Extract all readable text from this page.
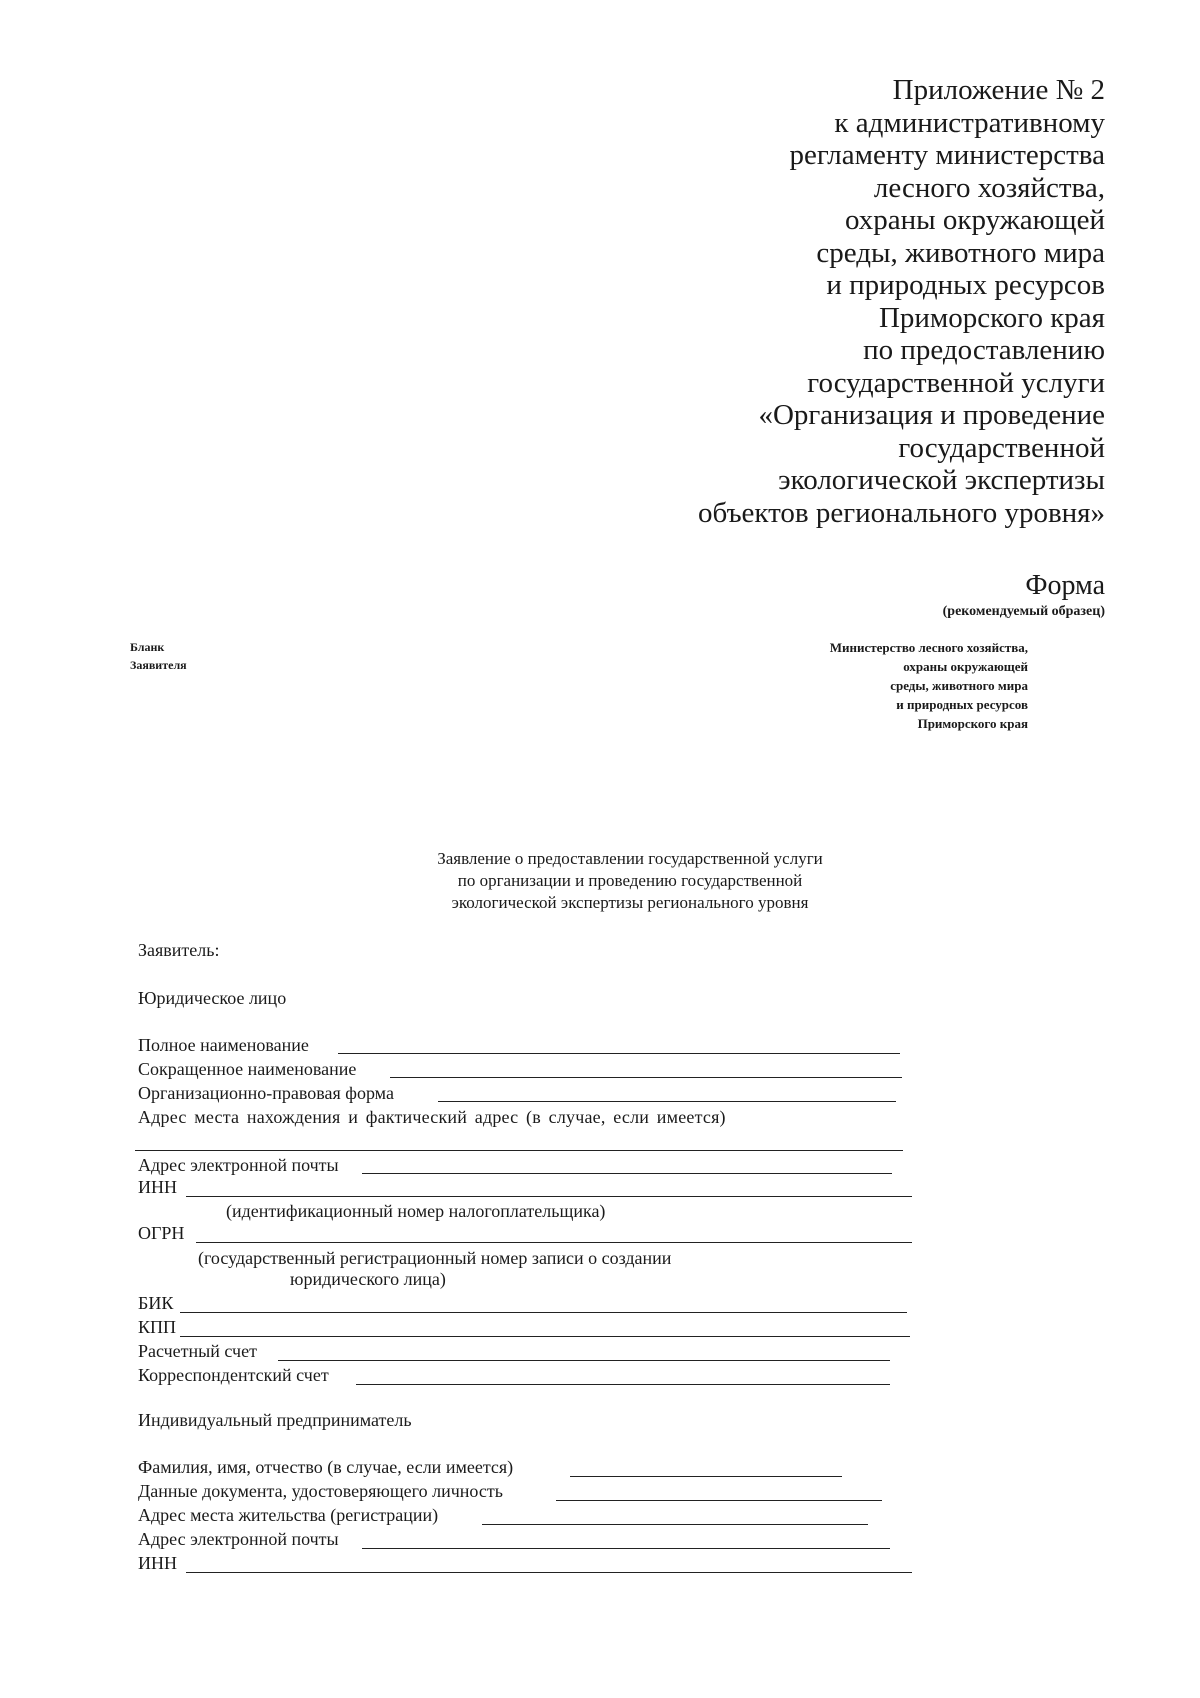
Приложение № 2
к административному
регламенту министерства
лесного хозяйства,
охраны окружающей
среды, животного мира
и природных ресурсов
Приморского края
по предоставлению
государственной услуги
«Организация и проведение
государственной
экологической экспертизы
объектов регионального уровня»
Форма
(рекомендуемый образец)
Бланк
Заявителя
Министерство лесного хозяйства,
охраны окружающей
среды, животного мира
и природных ресурсов
Приморского края
Заявление о предоставлении государственной услуги
по организации и проведению государственной
экологической экспертизы регионального уровня
Заявитель:
Юридическое лицо
Полное наименование
Сокращенное наименование
Организационно-правовая форма
Адрес места нахождения и фактический адрес (в случае, если имеется)
Адрес электронной почты
ИНН
(идентификационный номер налогоплательщика)
ОГРН
(государственный регистрационный номер записи о создании
юридического лица)
БИК
КПП
Расчетный счет
Корреспондентский счет
Индивидуальный предприниматель
Фамилия, имя, отчество (в случае, если имеется)
Данные документа, удостоверяющего личность
Адрес места жительства (регистрации)
Адрес электронной почты
ИНН
